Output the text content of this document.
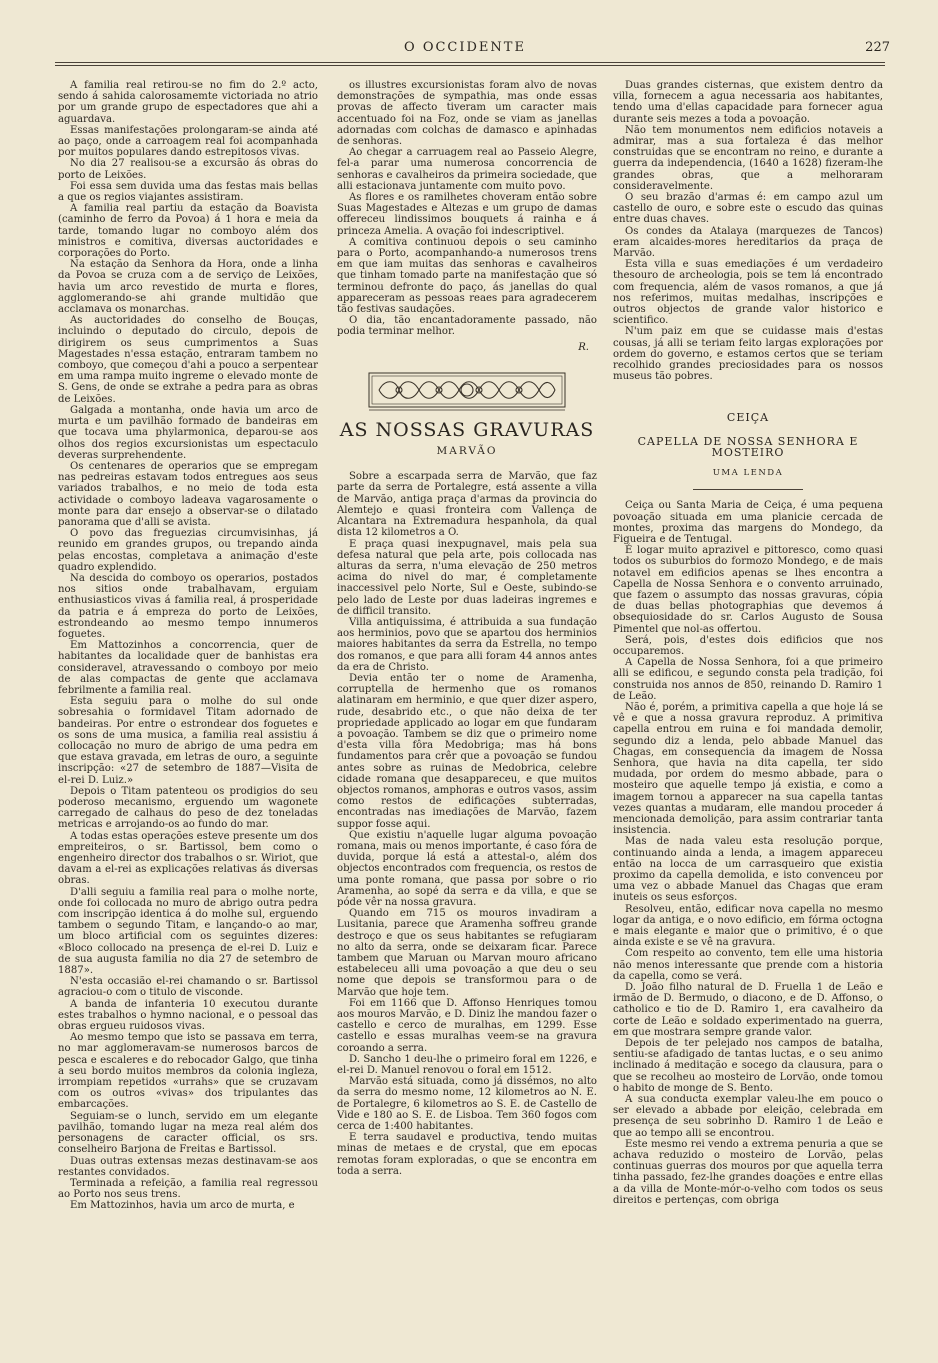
O OCCIDENTE	227

A familia real retirou-se no fim do 2.º acto, sendo á sahida calorosamemte victoriada no atrio por um grande grupo de espectadores que ahi a aguardava.

Essas manifestações prolongaram-se ainda até ao paço, onde a carroagem real foi acompanhada por muitos populares dando estrepitosos vivas.

No dia 27 realisou-se a excursão ás obras do porto de Leixões.

Foi essa sem duvida uma das festas mais bellas a que os regios viajantes assistiram.

A familia real partiu da estação da Boavista (caminho de ferro da Povoa) á 1 hora e meia da tarde, tomando lugar no comboyo além dos ministros e comitiva, diversas auctoridades e corporações do Porto.

Na estação da Senhora da Hora, onde a linha da Povoa se cruza com a de serviço de Leixões, havia um arco revestido de murta e flores, agglomerando-se ahi grande multidão que acclamava os monarchas.

As auctoridades do conselho de Bouças, incluindo o deputado do circulo, depois de dirigirem os seus cumprimentos a Suas Magestades n'essa estação, entraram tambem no comboyo, que começou d'ahi a pouco a serpentear em uma rampa muito ingreme o elevado monte de S. Gens, de onde se extrahe a pedra para as obras de Leixões.

Galgada a montanha, onde havia um arco de murta e um pavilhão formado de bandeiras em que tocava uma phylarmonica, deparou-se aos olhos dos regios excursionistas um espectaculo deveras surprehendente.

Os centenares de operarios que se empregam nas pedreiras estavam todos entregues aos seus variados trabalhos, e no meio de toda esta actividade o comboyo ladeava vagarosamente o monte para dar ensejo a observar-se o dilatado panorama que d'alli se avista.

O povo das freguezias circumvisinhas, já reunido em grandes grupos, ou trepando ainda pelas encostas, completava a animação d'este quadro explendido.

Na descida do comboyo os operarios, postados nos sitios onde trabalhavam, erguiam enthusiasticos vivas á familia real, á prosperidade da patria e á empreza do porto de Leixões, estrondeando ao mesmo tempo innumeros foguetes.

Em Mattozinhos a concorrencia, quer de habitantes da localidade quer de banhistas era consideravel, atravessando o comboyo por meio de alas compactas de gente que acclamava febrilmente a familia real.

Esta seguiu para o molhe do sul onde sobresahia o formidavel Titam adornado de bandeiras. Por entre o estrondear dos foguetes e os sons de uma musica, a familia real assistiu á collocação no muro de abrigo de uma pedra em que estava gravada, em letras de ouro, a seguinte inscripção: «27 de setembro de 1887—Visita de el-rei D. Luiz.»

Depois o Titam patenteou os prodigios do seu poderoso mecanismo, erguendo um wagonete carregado de calhaus do peso de dez toneladas metricas e arrojando-os ao fundo do mar.

A todas estas operações esteve presente um dos empreiteiros, o sr. Bartissol, bem como o engenheiro director dos trabalhos o sr. Wiriot, que davam a el-rei as explicações relativas ás diversas obras.

D'alli seguiu a familia real para o molhe norte, onde foi collocada no muro de abrigo outra pedra com inscripção identica á do molhe sul, erguendo tambem o segundo Titam, e lançando-o ao mar, um bloco artificial com os seguintes dizeres: «Bloco collocado na presença de el-rei D. Luiz e de sua augusta familia no dia 27 de setembro de 1887».

N'esta occasião el-rei chamando o sr. Bartissol agraciou-o com o titulo de visconde.

A banda de infanteria 10 executou durante estes trabalhos o hymno nacional, e o pessoal das obras ergueu ruidosos vivas.

Ao mesmo tempo que isto se passava em terra, no mar agglomeravam-se numerosos barcos de pesca e escaleres e do rebocador Galgo, que tinha a seu bordo muitos membros da colonia ingleza, irrompiam repetidos «urrahs» que se cruzavam com os outros «vivas» dos tripulantes das embarcações.

Seguiam-se o lunch, servido em um elegante pavilhão, tomando lugar na meza real além dos personagens de caracter official, os srs. conselheiro Barjona de Freitas e Bartissol.

Duas outras extensas mezas destinavam-se aos restantes convidados.

Terminada a refeição, a familia real regressou ao Porto nos seus trens.

Em Mattozinhos, havia um arco de murta, e

os illustres excursionistas foram alvo de novas demonstrações de sympathia, mas onde essas provas de affecto tiveram um caracter mais accentuado foi na Foz, onde se viam as janellas adornadas com colchas de damasco e apinhadas de senhoras.

Ao chegar a carruagem real ao Passeio Alegre, fel-a parar uma numerosa concorrencia de senhoras e cavalheiros da primeira sociedade, que alli estacionava juntamente com muito povo.

As flores e os ramilhetes choveram então sobre Suas Magestades e Altezas e um grupo de damas offereceu lindissimos bouquets á rainha e á princeza Amelia. A ovação foi indescriptivel.

A comitiva continuou depois o seu caminho para o Porto, acompanhando-a numerosos trens em que iam muitas das senhoras e cavalheiros que tinham tomado parte na manifestação que só terminou defronte do paço, ás janellas do qual appareceram as pessoas reaes para agradecerem tão festivas saudações.

O dia, tão encantadoramente passado, não podia terminar melhor.

R.
AS NOSSAS GRAVURAS
MARVÃO

Sobre a escarpada serra de Marvão, que faz parte da serra de Portalegre, está assente a villa de Marvão, antiga praça d'armas da provincia do Alemtejo e quasi fronteira com Vallença de Alcantara na Extremadura hespanhola, da qual dista 12 kilometros a O.

E praça quasi inexpugnavel, mais pela sua defesa natural que pela arte, pois collocada nas alturas da serra, n'uma elevação de 250 metros acima do nivel do mar, é completamente inaccessivel pelo Norte, Sul e Oeste, subindo-se pelo lado de Leste por duas ladeiras ingremes e de difficil transito.

Villa antiquissima, é attribuida a sua fundação aos herminios, povo que se apartou dos herminios maiores habitantes da serra da Estrella, no tempo dos romanos, e que para alli foram 44 annos antes da era de Christo.

Devia então ter o nome de Aramenha, corruptella de hermenho que os romanos alatinaram em herminio, e que quer dizer aspero, rude, desabrido etc., o que não deixa de ter propriedade applicado ao logar em que fundaram a povoação. Tambem se diz que o primeiro nome d'esta villa fôra Medobriga; mas há bons fundamentos para crêr que a povoação se fundou antes sobre as ruinas de Medobrica, celebre cidade romana que desappareceu, e que muitos objectos romanos, amphoras e outros vasos, assim como restos de edificações subterradas, encontradas nas imediações de Marvão, fazem suppor fosse aqui.

Que existiu n'aquelle lugar alguma povoação romana, mais ou menos importante, é caso fóra de duvida, porque lá está a attestal-o, além dos objectos encontrados com frequencia, os restos de uma ponte romana, que passa por sobre o rio Aramenha, ao sopé da serra e da villa, e que se póde vêr na nossa gravura.

Quando em 715 os mouros invadiram a Lusitania, parece que Aramenha soffreu grande destroço e que os seus habitantes se refugiaram no alto da serra, onde se deixaram ficar. Parece tambem que Maruan ou Marvan mouro africano estabeleceu alli uma povoação a que deu o seu nome que depois se transformou para o de Marvão que hoje tem.

Foi em 1166 que D. Affonso Henriques tomou aos mouros Marvão, e D. Diniz lhe mandou fazer o castello e cerco de muralhas, em 1299. Esse castello e essas muralhas veem-se na gravura coroando a serra.

D. Sancho 1 deu-lhe o primeiro foral em 1226, e el-rei D. Manuel renovou o foral em 1512.

Marvão está situada, como já dissémos, no alto da serra do mesmo nome, 12 kilometros ao N. E. de Portalegre, 6 kilometros ao S. E. de Castello de Vide e 180 ao S. E. de Lisboa. Tem 360 fogos com cerca de 1:400 habitantes.

E terra saudavel e productiva, tendo muitas minas de metaes e de crystal, que em epocas remotas foram exploradas, o que se encontra em toda a serra.

Duas grandes cisternas, que existem dentro da villa, fornecem a agua necessaria aos habitantes, tendo uma d'ellas capacidade para fornecer agua durante seis mezes a toda a povoação.

Não tem monumentos nem edificios notaveis a admirar, mas a sua fortaleza é das melhor construidas que se encontram no reino, e durante a guerra da independencia, (1640 a 1628) fizeram-lhe grandes obras, que a melhoraram consideravelmente.

O seu brazão d'armas é: em campo azul um castello de ouro, e sobre este o escudo das quinas entre duas chaves.

Os condes da Atalaya (marquezes de Tancos) eram alcaides-mores hereditarios da praça de Marvão.

Esta villa e suas emediações é um verdadeiro thesouro de archeologia, pois se tem lá encontrado com frequencia, além de vasos romanos, a que já nos referimos, muitas medalhas, inscripções e outros objectos de grande valor historico e scientifico.

N'um paiz em que se cuidasse mais d'estas cousas, já alli se teriam feito largas explorações por ordem do governo, e estamos certos que se teriam recolhido grandes preciosidades para os nossos museus tão pobres.

CEIÇA
CAPELLA DE NOSSA SENHORA E MOSTEIRO
UMA LENDA

Ceiça ou Santa Maria de Ceiça, é uma pequena povoação situada em uma planicie cercada de montes, proxima das margens do Mondego, da Figueira e de Tentugal.

É logar muito aprazivel e pittoresco, como quasi todos os suburbios do formozo Mondego, e de mais notavel em edificios apenas se lhes encontra a Capella de Nossa Senhora e o convento arruinado, que fazem o assumpto das nossas gravuras, cópia de duas bellas photographias que devemos á obsequiosidade do sr. Carlos Augusto de Sousa Pimentel que nol-as offertou.

Será, pois, d'estes dois edificios que nos occuparemos.

A Capella de Nossa Senhora, foi a que primeiro alli se edificou, e segundo consta pela tradição, foi construida nos annos de 850, reinando D. Ramiro 1 de Leão.

Não é, porém, a primitiva capella a que hoje lá se vê e que a nossa gravura reproduz. A primitiva capella entrou em ruina e foi mandada demolir, segundo diz a lenda, pelo abbade Manuel das Chagas, em consequencia da imagem de Nossa Senhora, que havia na dita capella, ter sido mudada, por ordem do mesmo abbade, para o mosteiro que aquelle tempo já existia, e como a imagem tornou a apparecer na sua capella tantas vezes quantas a mudaram, elle mandou proceder á mencionada demolição, para assim contrariar tanta insistencia.

Mas de nada valeu esta resolução porque, continuando ainda a lenda, a imagem appareceu então na locca de um carrasqueiro que existia proximo da capella demolida, e isto convenceu por uma vez o abbade Manuel das Chagas que eram inuteis os seus esforços.

Resolveu, então, edificar nova capella no mesmo logar da antiga, e o novo edificio, em fórma octogna e mais elegante e maior que o primitivo, é o que ainda existe e se vê na gravura.

Com respeito ao convento, tem elle uma historia não menos interessante que prende com a historia da capella, como se verá.

D. João filho natural de D. Fruella 1 de Leão e irmão de D. Bermudo, o diacono, e de D. Affonso, o catholico e tio de D. Ramiro 1, era cavalheiro da corte de Leão e soldado experimentado na guerra, em que mostrara sempre grande valor.

Depois de ter pelejado nos campos de batalha, sentiu-se afadigado de tantas luctas, e o seu animo inclinado á meditação e socego da clausura, para o que se recolheu ao mosteiro de Lorvão, onde tomou o habito de monge de S. Bento.

A sua conducta exemplar valeu-lhe em pouco o ser elevado a abbade por eleição, celebrada em presença de seu sobrinho D. Ramiro 1 de Leão e que ao tempo alli se encontrou.

Este mesmo rei vendo a extrema penuria a que se achava reduzido o mosteiro de Lorvão, pelas continuas guerras dos mouros por que aquella terra tinha passado, fez-lhe grandes doações e entre ellas a da villa de Monte-mór-o-velho com todos os seus direitos e pertenças, com obriga
